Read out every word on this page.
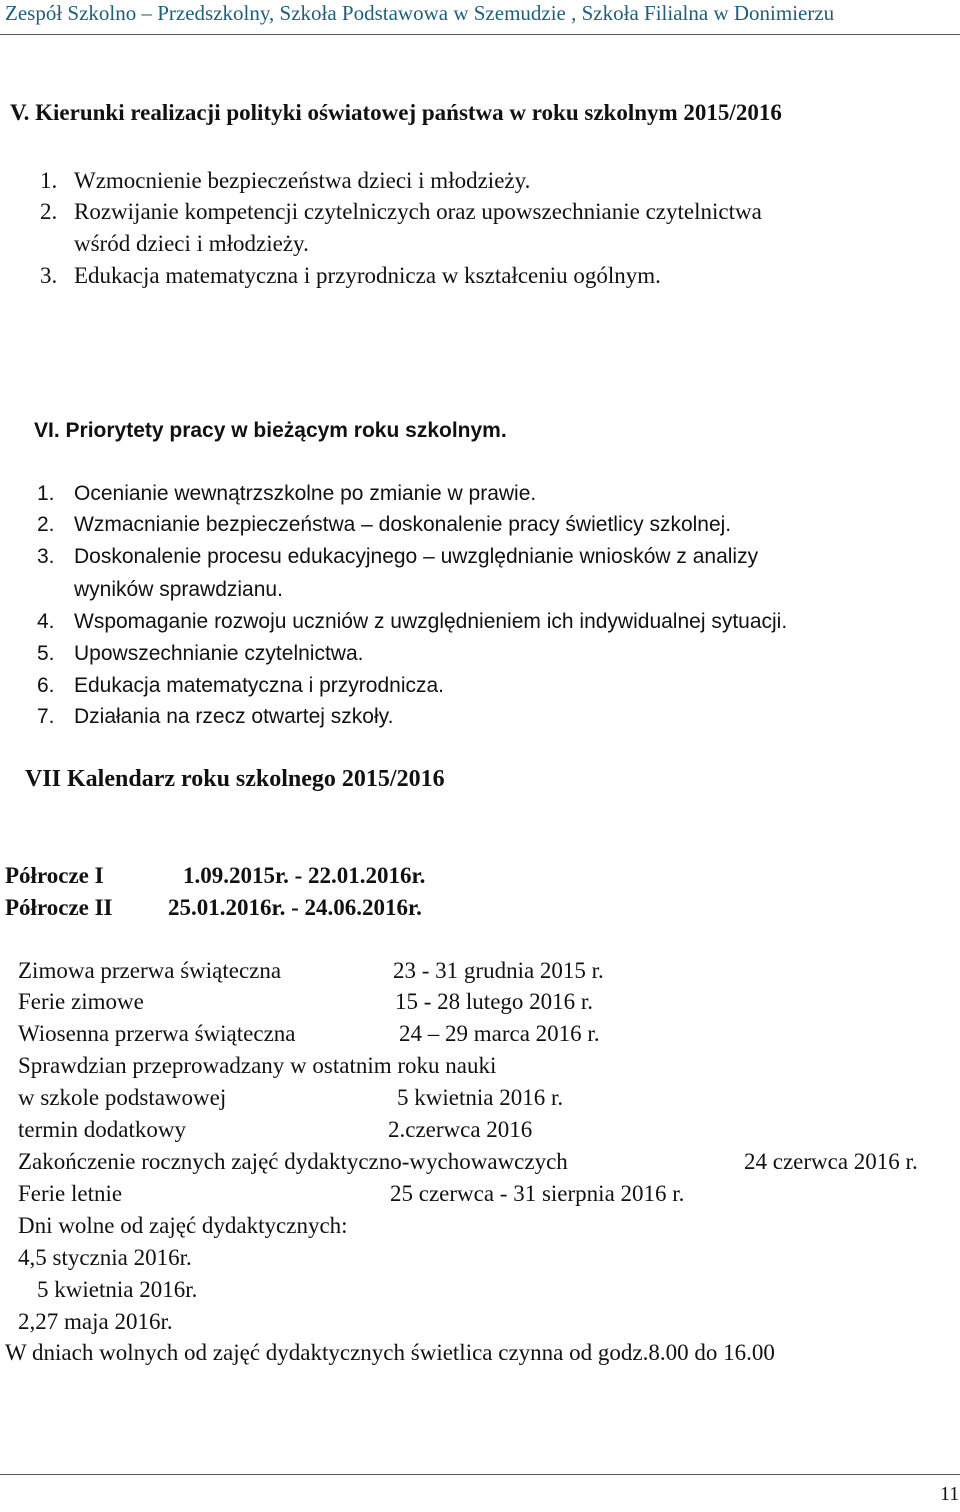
Zespół Szkolno – Przedszkolny, Szkoła Podstawowa w Szemudzie , Szkoła Filialna w Donimierzu
V. Kierunki realizacji polityki oświatowej państwa w roku szkolnym 2015/2016
1. Wzmocnienie bezpieczeństwa dzieci i młodzieży.
2. Rozwijanie kompetencji czytelniczych oraz upowszechnianie czytelnictwa
wśród dzieci i młodzieży.
3. Edukacja matematyczna i przyrodnicza w kształceniu ogólnym.
VI. Priorytety pracy w bieżącym roku szkolnym.
1. Ocenianie wewnątrzszkolne po zmianie w prawie.
2. Wzmacnianie bezpieczeństwa – doskonalenie pracy świetlicy szkolnej.
3. Doskonalenie procesu edukacyjnego – uwzględnianie wniosków z analizy
wyników sprawdzianu.
4. Wspomaganie rozwoju uczniów z uwzględnieniem ich indywidualnej sytuacji.
5. Upowszechnianie czytelnictwa.
6. Edukacja matematyczna i przyrodnicza.
7. Działania na rzecz otwartej szkoły.
VII Kalendarz roku szkolnego 2015/2016
Półrocze I	1.09.2015r. - 22.01.2016r.
Półrocze II 25.01.2016r. - 24.06.2016r.
Zimowa przerwa świąteczna	23 - 31 grudnia 2015 r.
Ferie zimowe	15 - 28 lutego 2016 r.
Wiosenna przerwa świąteczna	24 – 29 marca 2016 r.
Sprawdzian przeprowadzany w ostatnim roku nauki
w szkole podstawowej	5 kwietnia 2016 r.
termin dodatkowy	2.czerwca 2016
Zakończenie rocznych zajęć dydaktyczno-wychowawczych	24 czerwca 2016 r.
Ferie letnie	25 czerwca - 31 sierpnia 2016 r.
Dni wolne od zajęć dydaktycznych:
4,5 stycznia 2016r.
5 kwietnia 2016r.
2,27 maja 2016r.
W dniach wolnych od zajęć dydaktycznych świetlica czynna od godz.8.00 do 16.00
11
